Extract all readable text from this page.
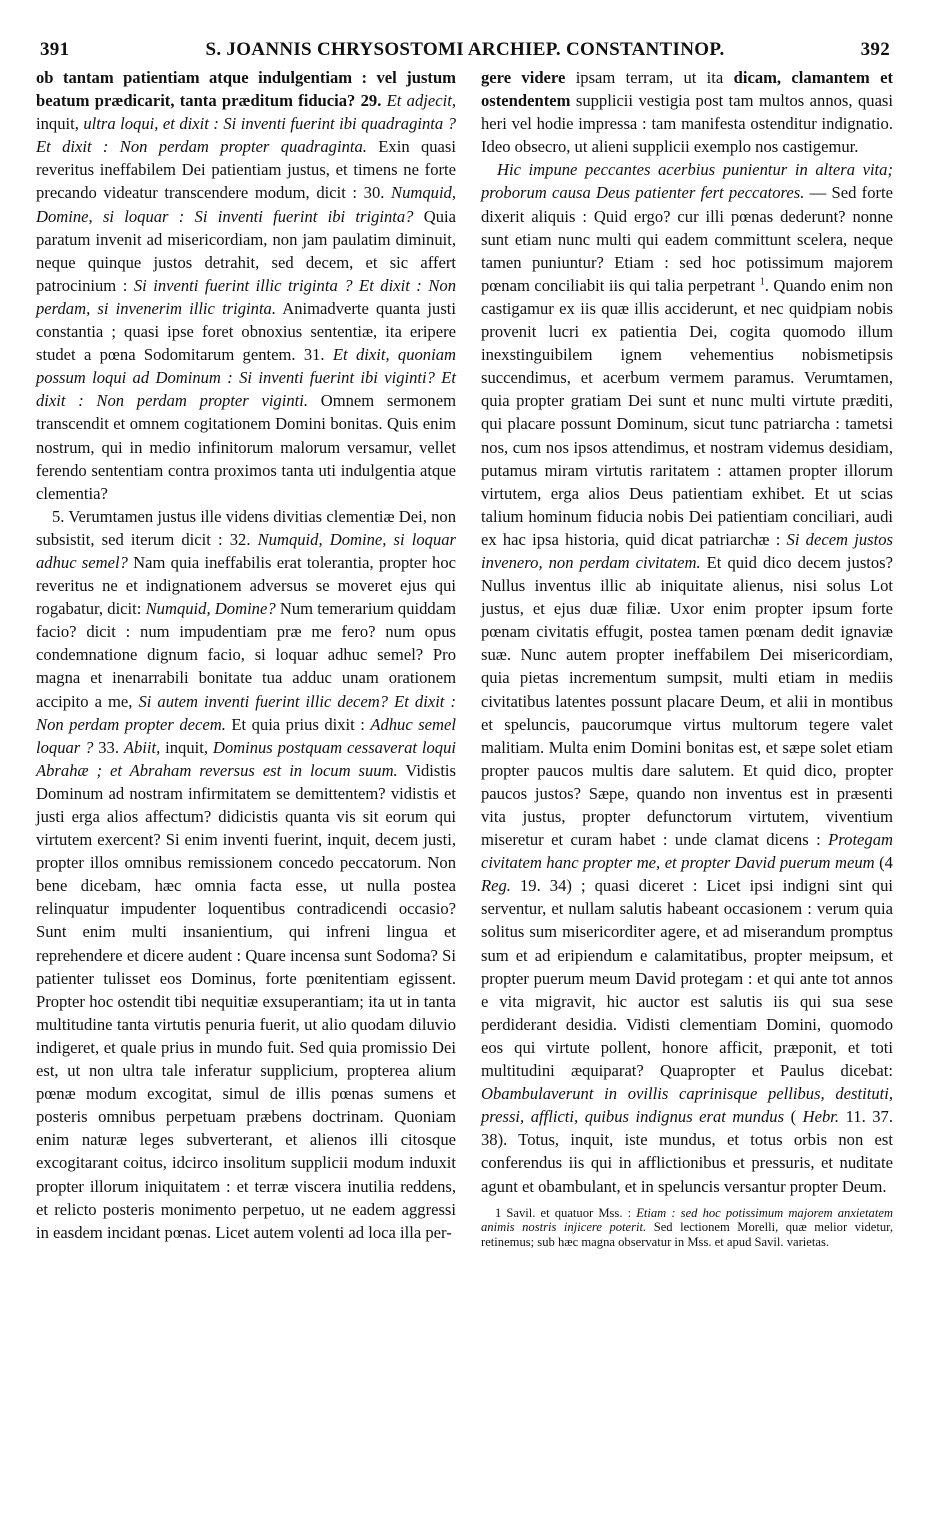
391	S. JOANNIS CHRYSOSTOMI ARCHIEP. CONSTANTINOP.	392

ob tantam patientiam atque indulgentiam : vel justum beatum prædicarit, tanta præditum fiducia? 29. Et adjecit, inquit, ultra loqui, et dixit : Si inventi fuerint ibi quadraginta ? Et dixit : Non perdam propter quadraginta. Exin quasi reveritus ineffabilem Dei patientiam justus, et timens ne forte precando videatur transcendere modum, dicit : 30. Numquid, Domine, si loquar : Si inventi fuerint ibi triginta? Quia paratum invenit ad misericordiam, non jam paulatim diminuit, neque quinque justos detrahit, sed decem, et sic affert patrocinium : Si inventi fuerint illic triginta ? Et dixit : Non perdam, si invenerim illic triginta. Animadverte quanta justi constantia ; quasi ipse foret obnoxius sententiæ, ita eripere studet a pœna Sodomitarum gentem. 31. Et dixit, quoniam possum loqui ad Dominum : Si inventi fuerint ibi viginti? Et dixit : Non perdam propter viginti. Omnem sermonem transcendit et omnem cogitationem Domini bonitas. Quis enim nostrum, qui in medio infinitorum malorum versamur, vellet ferendo sententiam contra proximos tanta uti indulgentia atque clementia?

5. Verumtamen justus ille videns divitias clementiæ Dei, non subsistit, sed iterum dicit : 32. Numquid, Domine, si loquar adhuc semel? Nam quia ineffabilis erat tolerantia, propter hoc reveritus ne et indignationem adversus se moveret ejus qui rogabatur, dicit: Numquid, Domine? Num temerarium quiddam facio? dicit : num impudentiam præ me fero? num opus condemnatione dignum facio, si loquar adhuc semel? Pro magna et inenarrabili bonitate tua adduc unam orationem accipito a me, Si autem inventi fuerint illic decem? Et dixit : Non perdam propter decem. Et quia prius dixit : Adhuc semel loquar ? 33. Abiit, inquit, Dominus postquam cessaverat loqui Abrahæ ; et Abraham reversus est in locum suum. Vidistis Dominum ad nostram infirmitatem se demittentem? vidistis et justi erga alios affectum? didicistis quanta vis sit eorum qui virtutem exercent? Si enim inventi fuerint, inquit, decem justi, propter illos omnibus remissionem concedo peccatorum. Non bene dicebam, hæc omnia facta esse, ut nulla postea relinquatur impudenter loquentibus contradicendi occasio? Sunt enim multi insanientium, qui infreni lingua et reprehendere et dicere audent : Quare incensa sunt Sodoma? Si patienter tulisset eos Dominus, forte pœnitentiam egissent. Propter hoc ostendit tibi nequitiæ exsuperantiam; ita ut in tanta multitudine tanta virtutis penuria fuerit, ut alio quodam diluvio indigeret, et quale prius in mundo fuit. Sed quia promissio Dei est, ut non ultra tale inferatur supplicium, propterea alium pœnæ modum excogitat, simul de illis pœnas sumens et posteris omnibus perpetuam præbens doctrinam. Quoniam enim naturæ leges subverterant, et alienos illi citosque excogitarant coitus, idcirco insolitum supplicii modum induxit propter illorum iniquitatem : et terræ viscera inutilia reddens, et relicto posteris monimento perpetuo, ut ne eadem aggressi in easdem incidant pœnas. Licet autem volenti ad loca illa per-

gere videre ipsam terram, ut ita dicam, clamantem et ostendentem supplicii vestigia post tam multos annos, quasi heri vel hodie impressa : tam manifesta ostenditur indignatio. Ideo obsecro, ut alieni supplicii exemplo nos castigemur.

Hic impune peccantes acerbius punientur in altera vita; proborum causa Deus patienter fert peccatores. — Sed forte dixerit aliquis : Quid ergo? cur illi pœnas dederunt? nonne sunt etiam nunc multi qui eadem committunt scelera, neque tamen puniuntur? Etiam : sed hoc potissimum majorem pœnam conciliabit iis qui talia perpetrant $^1$. Quando enim non castigamur ex iis quæ illis acciderunt, et nec quidpiam nobis provenit lucri ex patientia Dei, cogita quomodo illum inexstinguibilem ignem vehementius nobismetipsis succendimus, et acerbum vermem paramus. Verumtamen, quia propter gratiam Dei sunt et nunc multi virtute præditi, qui placare possunt Dominum, sicut tunc patriarcha : tametsi nos, cum nos ipsos attendimus, et nostram videmus desidiam, putamus miram virtutis raritatem : attamen propter illorum virtutem, erga alios Deus patientiam exhibet. Et ut scias talium hominum fiducia nobis Dei patientiam conciliari, audi ex hac ipsa historia, quid dicat patriarchæ : Si decem justos invenero, non perdam civitatem. Et quid dico decem justos? Nullus inventus illic ab iniquitate alienus, nisi solus Lot justus, et ejus duæ filiæ. Uxor enim propter ipsum forte pœnam civitatis effugit, postea tamen pœnam dedit ignaviæ suæ. Nunc autem propter ineffabilem Dei misericordiam, quia pietas incrementum sumpsit, multi etiam in mediis civitatibus latentes possunt placare Deum, et alii in montibus et speluncis, paucorumque virtus multorum tegere valet malitiam. Multa enim Domini bonitas est, et sæpe solet etiam propter paucos multis dare salutem. Et quid dico, propter paucos justos? Sæpe, quando non inventus est in præsenti vita justus, propter defunctorum virtutem, viventium miseretur et curam habet : unde clamat dicens : Protegam civitatem hanc propter me, et propter David puerum meum (4 Reg. 19. 34) ; quasi diceret : Licet ipsi indigni sint qui serventur, et nullam salutis habeant occasionem : verum quia solitus sum misericorditer agere, et ad miserandum promptus sum et ad eripiendum e calamitatibus, propter meipsum, et propter puerum meum David protegam : et qui ante tot annos e vita migravit, hic auctor est salutis iis qui sua sese perdiderant desidia. Vidisti clementiam Domini, quomodo eos qui virtute pollent, honore afficit, præponit, et toti multitudini æquiparat? Quapropter et Paulus dicebat: Obambulaverunt in ovillis caprinisque pellibus, destituti, pressi, afflicti, quibus indignus erat mundus ( Hebr. 11. 37. 38). Totus, inquit, iste mundus, et totus orbis non est conferendus iis qui in afflictionibus et pressuris, et nuditate agunt et obambulant, et in speluncis versantur propter Deum.

1 Savil. et quatuor Mss. : Etiam : sed hoc potissimum majorem anxietatem animis nostris injicere poterit. Sed lectionem Morelli, quæ melior videtur, retinemus; sub hæc magna observatur in Mss. et apud Savil. varietas.
